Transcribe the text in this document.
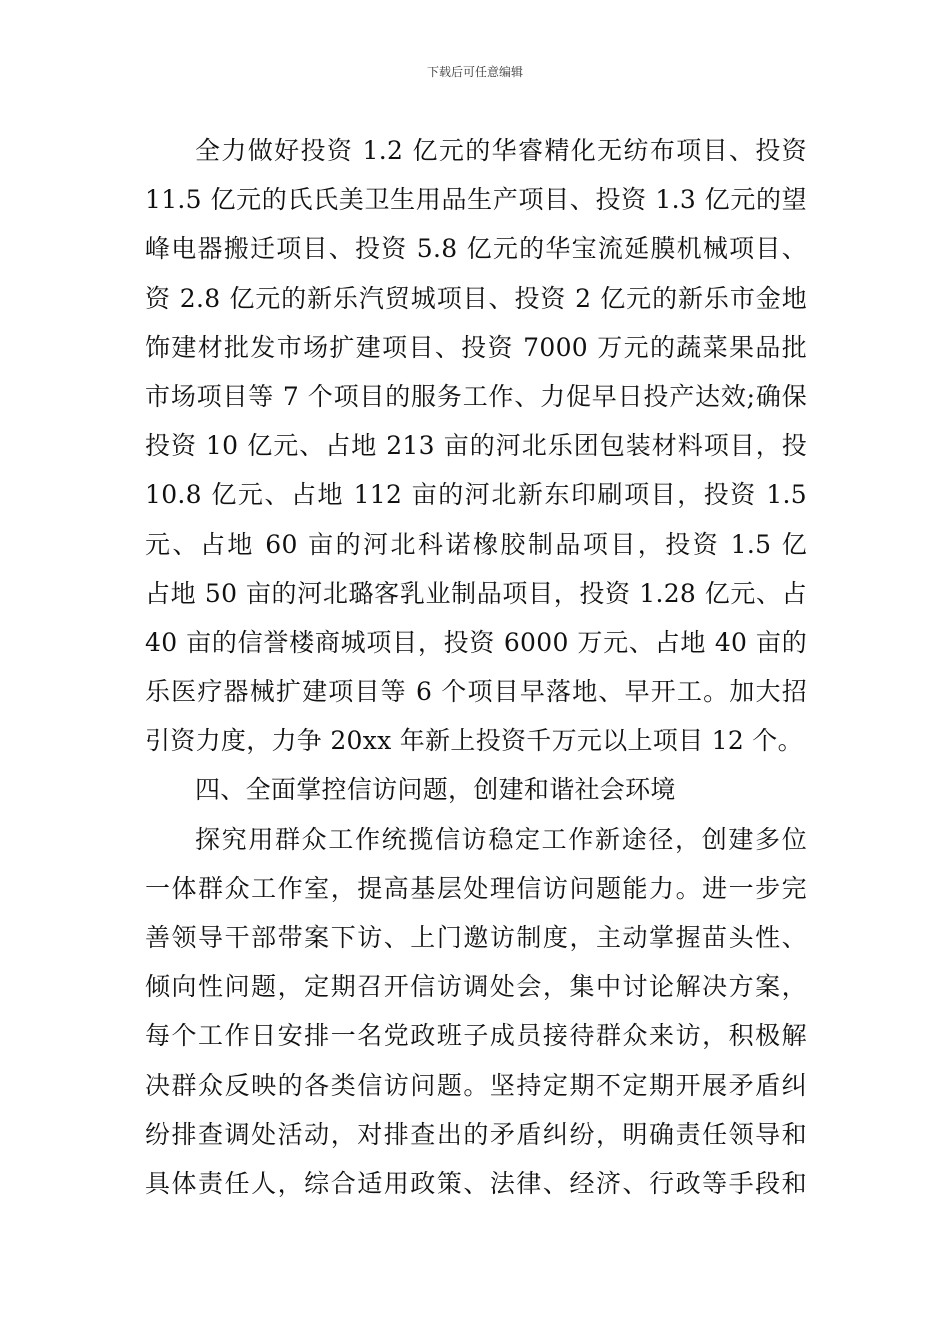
下载后可任意编辑
全力做好投资 1.2 亿元的华睿精化无纺布项目、投资
11.5 亿元的氏氏美卫生用品生产项目、投资 1.3 亿元的望
峰电器搬迁项目、投资 5.8 亿元的华宝流延膜机械项目、
资 2.8 亿元的新乐汽贸城项目、投资 2 亿元的新乐市金地
饰建材批发市场扩建项目、投资 7000 万元的蔬菜果品批
市场项目等 7 个项目的服务工作、力促早日投产达效;确保
投资 10 亿元、占地 213 亩的河北乐团包装材料项目，投
10.8 亿元、占地 112 亩的河北新东印刷项目，投资 1.5
元、占地 60 亩的河北科诺橡胶制品项目，投资 1.5 亿
占地 50 亩的河北璐客乳业制品项目，投资 1.28 亿元、占
40 亩的信誉楼商城项目，投资 6000 万元、占地 40 亩的
乐医疗器械扩建项目等 6 个项目早落地、早开工。加大招
引资力度，力争 20xx 年新上投资千万元以上项目 12 个。
四、全面掌控信访问题，创建和谐社会环境
探究用群众工作统揽信访稳定工作新途径，创建多位
一体群众工作室，提高基层处理信访问题能力。进一步完
善领导干部带案下访、上门邀访制度，主动掌握苗头性、
倾向性问题，定期召开信访调处会，集中讨论解决方案，
每个工作日安排一名党政班子成员接待群众来访，积极解
决群众反映的各类信访问题。坚持定期不定期开展矛盾纠
纷排查调处活动，对排查出的矛盾纠纷，明确责任领导和
具体责任人，综合适用政策、法律、经济、行政等手段和
